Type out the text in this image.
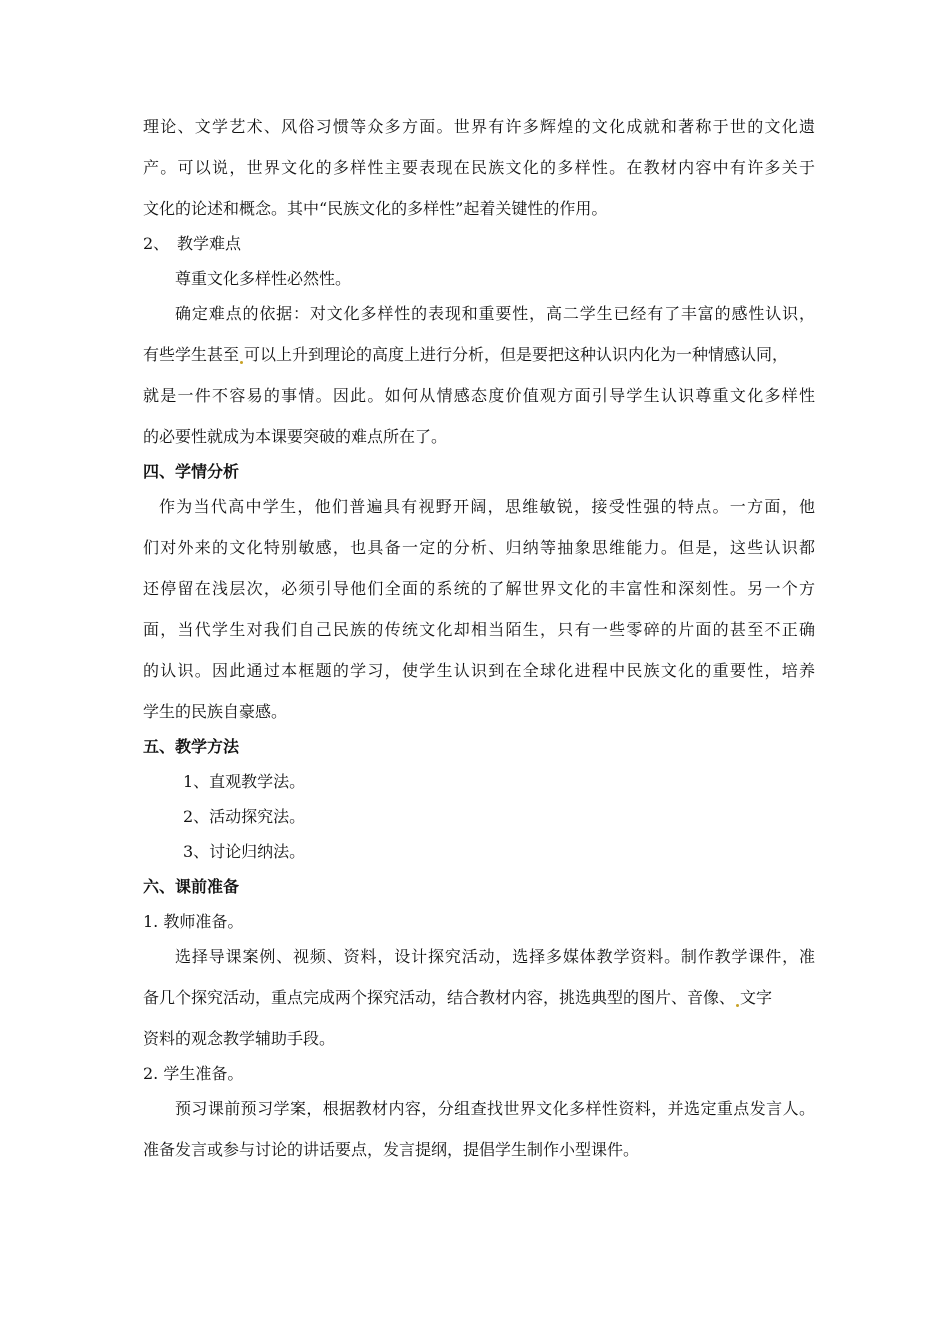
理论、文学艺术、风俗习惯等众多方面。世界有许多辉煌的文化成就和著称于世的文化遗
产。可以说，世界文化的多样性主要表现在民族文化的多样性。在教材内容中有许多关于
文化的论述和概念。其中“民族文化的多样性”起着关键性的作用。
2、 教学难点
尊重文化多样性必然性。
确定难点的依据：对文化多样性的表现和重要性，高二学生已经有了丰富的感性认识，
有些学生甚至 可以上升到理论的高度上进行分析，但是要把这种认识内化为一种情感认同，
就是一件不容易的事情。因此。如何从情感态度价值观方面引导学生认识尊重文化多样性
的必要性就成为本课要突破的难点所在了。
四、学情分析
作为当代高中学生，他们普遍具有视野开阔，思维敏锐，接受性强的特点。一方面，他
们对外来的文化特别敏感，也具备一定的分析、归纳等抽象思维能力。但是，这些认识都
还停留在浅层次，必须引导他们全面的系统的了解世界文化的丰富性和深刻性。另一个方
面，当代学生对我们自己民族的传统文化却相当陌生，只有一些零碎的片面的甚至不正确
的认识。因此通过本框题的学习，使学生认识到在全球化进程中民族文化的重要性，培养
学生的民族自豪感。
五、教学方法
1、直观教学法。
2、活动探究法。
3、讨论归纳法。
六、课前准备
1. 教师准备。
选择导课案例、视频、资料，设计探究活动，选择多媒体教学资料。制作教学课件，准
备几个探究活动，重点完成两个探究活动，结合教材内容，挑选典型的图片、音像、 文字
资料的观念教学辅助手段。
2. 学生准备。
预习课前预习学案，根据教材内容，分组查找世界文化多样性资料，并选定重点发言人。
准备发言或参与讨论的讲话要点，发言提纲，提倡学生制作小型课件。
